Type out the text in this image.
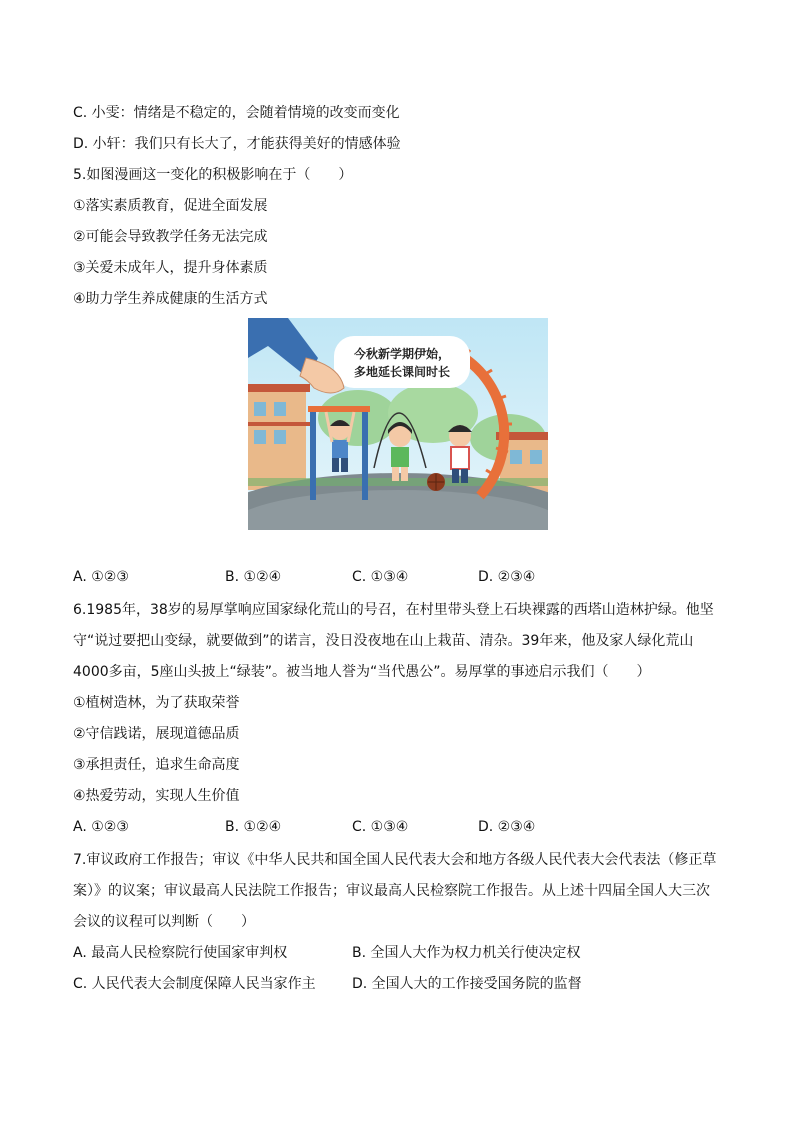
C. 小雯：情绪是不稳定的，会随着情境的改变而变化
D. 小轩：我们只有长大了，才能获得美好的情感体验
5.如图漫画这一变化的积极影响在于（　　）
①落实素质教育，促进全面发展
②可能会导致教学任务无法完成
③关爱未成年人，提升身体素质
④助力学生养成健康的生活方式
今秋新学期伊始，
多地延长课间时长
A. ①②③	B. ①②④	C. ①③④	D. ②③④
6.1985年，38岁的易厚掌响应国家绿化荒山的号召，在村里带头登上石块裸露的西塔山造林护绿。他坚
守“说过要把山变绿，就要做到”的诺言，没日没夜地在山上栽苗、清杂。39年来，他及家人绿化荒山
4000多亩，5座山头披上“绿装”。被当地人誉为“当代愚公”。易厚掌的事迹启示我们（　　）
①植树造林，为了获取荣誉
②守信践诺，展现道德品质
③承担责任，追求生命高度
④热爱劳动，实现人生价值
A. ①②③	B. ①②④	C. ①③④	D. ②③④
7.审议政府工作报告；审议《中华人民共和国全国人民代表大会和地方各级人民代表大会代表法（修正草
案）》的议案；审议最高人民法院工作报告；审议最高人民检察院工作报告。从上述十四届全国人大三次
会议的议程可以判断（　　）
A. 最高人民检察院行使国家审判权	B. 全国人大作为权力机关行使决定权
C. 人民代表大会制度保障人民当家作主	D. 全国人大的工作接受国务院的监督
